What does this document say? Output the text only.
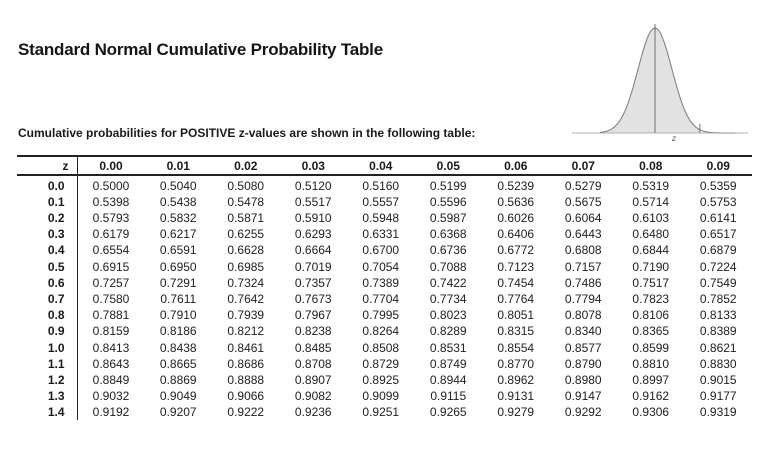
Standard Normal Cumulative Probability Table
z
Cumulative probabilities for POSITIVE z-values are shown in the following table:
z	0.00	0.01	0.02	0.03	0.04	0.05	0.06	0.07	0.08	0.09
0.0	0.5000	0.5040	0.5080	0.5120	0.5160	0.5199	0.5239	0.5279	0.5319	0.5359
0.1	0.5398	0.5438	0.5478	0.5517	0.5557	0.5596	0.5636	0.5675	0.5714	0.5753
0.2	0.5793	0.5832	0.5871	0.5910	0.5948	0.5987	0.6026	0.6064	0.6103	0.6141
0.3	0.6179	0.6217	0.6255	0.6293	0.6331	0.6368	0.6406	0.6443	0.6480	0.6517
0.4	0.6554	0.6591	0.6628	0.6664	0.6700	0.6736	0.6772	0.6808	0.6844	0.6879
0.5	0.6915	0.6950	0.6985	0.7019	0.7054	0.7088	0.7123	0.7157	0.7190	0.7224
0.6	0.7257	0.7291	0.7324	0.7357	0.7389	0.7422	0.7454	0.7486	0.7517	0.7549
0.7	0.7580	0.7611	0.7642	0.7673	0.7704	0.7734	0.7764	0.7794	0.7823	0.7852
0.8	0.7881	0.7910	0.7939	0.7967	0.7995	0.8023	0.8051	0.8078	0.8106	0.8133
0.9	0.8159	0.8186	0.8212	0.8238	0.8264	0.8289	0.8315	0.8340	0.8365	0.8389
1.0	0.8413	0.8438	0.8461	0.8485	0.8508	0.8531	0.8554	0.8577	0.8599	0.8621
1.1	0.8643	0.8665	0.8686	0.8708	0.8729	0.8749	0.8770	0.8790	0.8810	0.8830
1.2	0.8849	0.8869	0.8888	0.8907	0.8925	0.8944	0.8962	0.8980	0.8997	0.9015
1.3	0.9032	0.9049	0.9066	0.9082	0.9099	0.9115	0.9131	0.9147	0.9162	0.9177
1.4	0.9192	0.9207	0.9222	0.9236	0.9251	0.9265	0.9279	0.9292	0.9306	0.9319
